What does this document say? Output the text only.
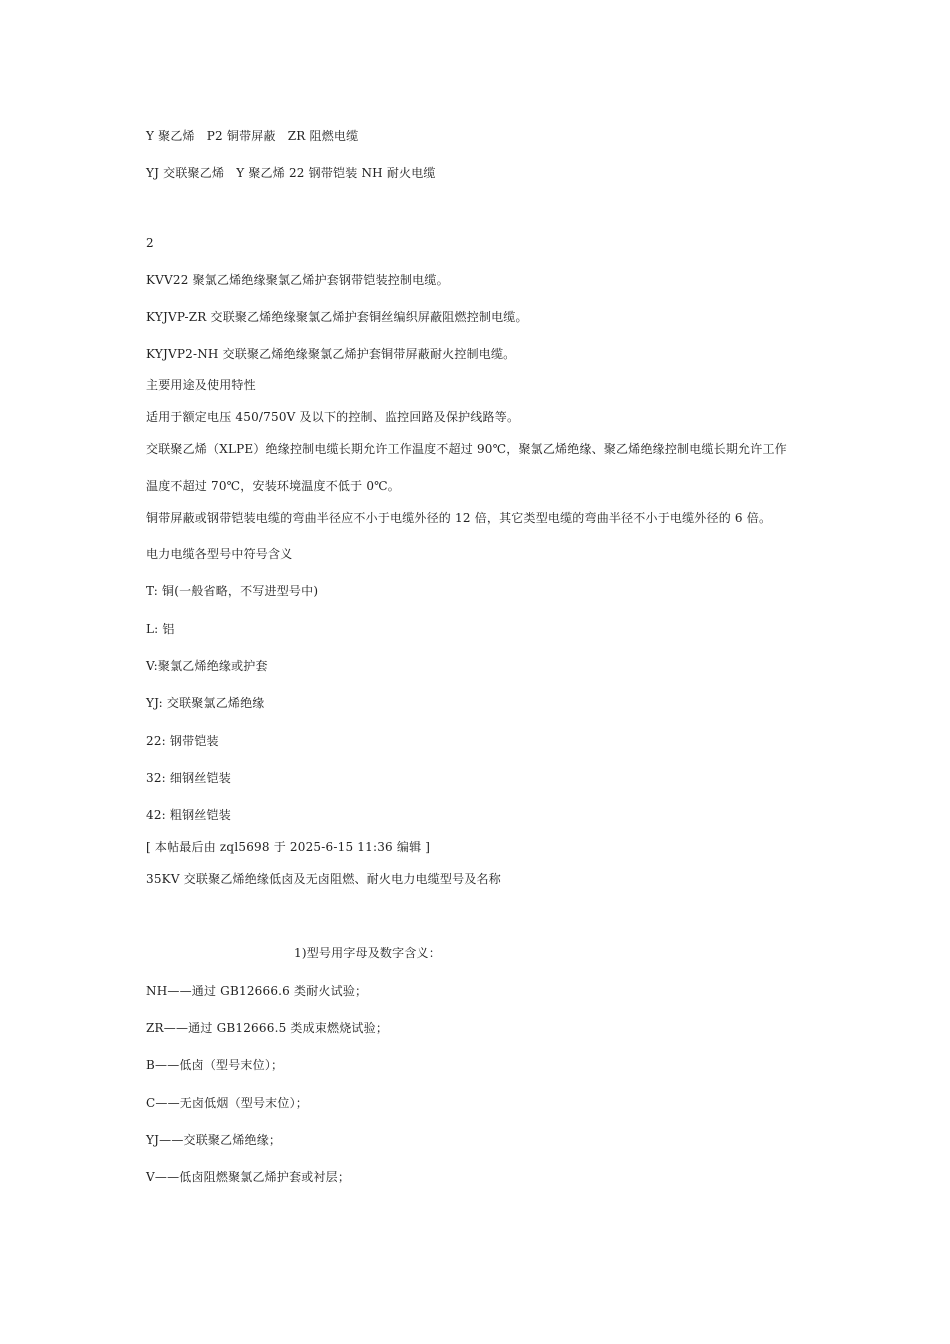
Y 聚乙烯   P2 铜带屏蔽   ZR 阻燃电缆
YJ 交联聚乙烯   Y 聚乙烯 22 钢带铠装 NH 耐火电缆
2
KVV22 聚氯乙烯绝缘聚氯乙烯护套钢带铠装控制电缆。
KYJVP-ZR 交联聚乙烯绝缘聚氯乙烯护套铜丝编织屏蔽阻燃控制电缆。
KYJVP2-NH 交联聚乙烯绝缘聚氯乙烯护套铜带屏蔽耐火控制电缆。
主要用途及使用特性
适用于额定电压 450/750V 及以下的控制、监控回路及保护线路等。
交联聚乙烯（XLPE）绝缘控制电缆长期允许工作温度不超过 90℃，聚氯乙烯绝缘、聚乙烯绝缘控制电缆长期允许工作
温度不超过 70℃，安装环境温度不低于 0℃。
铜带屏蔽或钢带铠装电缆的弯曲半径应不小于电缆外径的 12 倍，其它类型电缆的弯曲半径不小于电缆外径的 6 倍。
电力电缆各型号中符号含义
T: 铜(一般省略，不写进型号中)
L: 铝
V:聚氯乙烯绝缘或护套
YJ: 交联聚氯乙烯绝缘
22: 钢带铠装
32: 细钢丝铠装
42: 粗钢丝铠装
[ 本帖最后由 zql5698 于 2025-6-15 11:36 编辑 ]
35KV 交联聚乙烯绝缘低卤及无卤阻燃、耐火电力电缆型号及名称
1)型号用字母及数字含义：
NH——通过 GB12666.6 类耐火试验；
ZR——通过 GB12666.5 类成束燃烧试验；
B——低卤（型号末位）；
C——无卤低烟（型号末位）；
YJ——交联聚乙烯绝缘；
V——低卤阻燃聚氯乙烯护套或衬层；
